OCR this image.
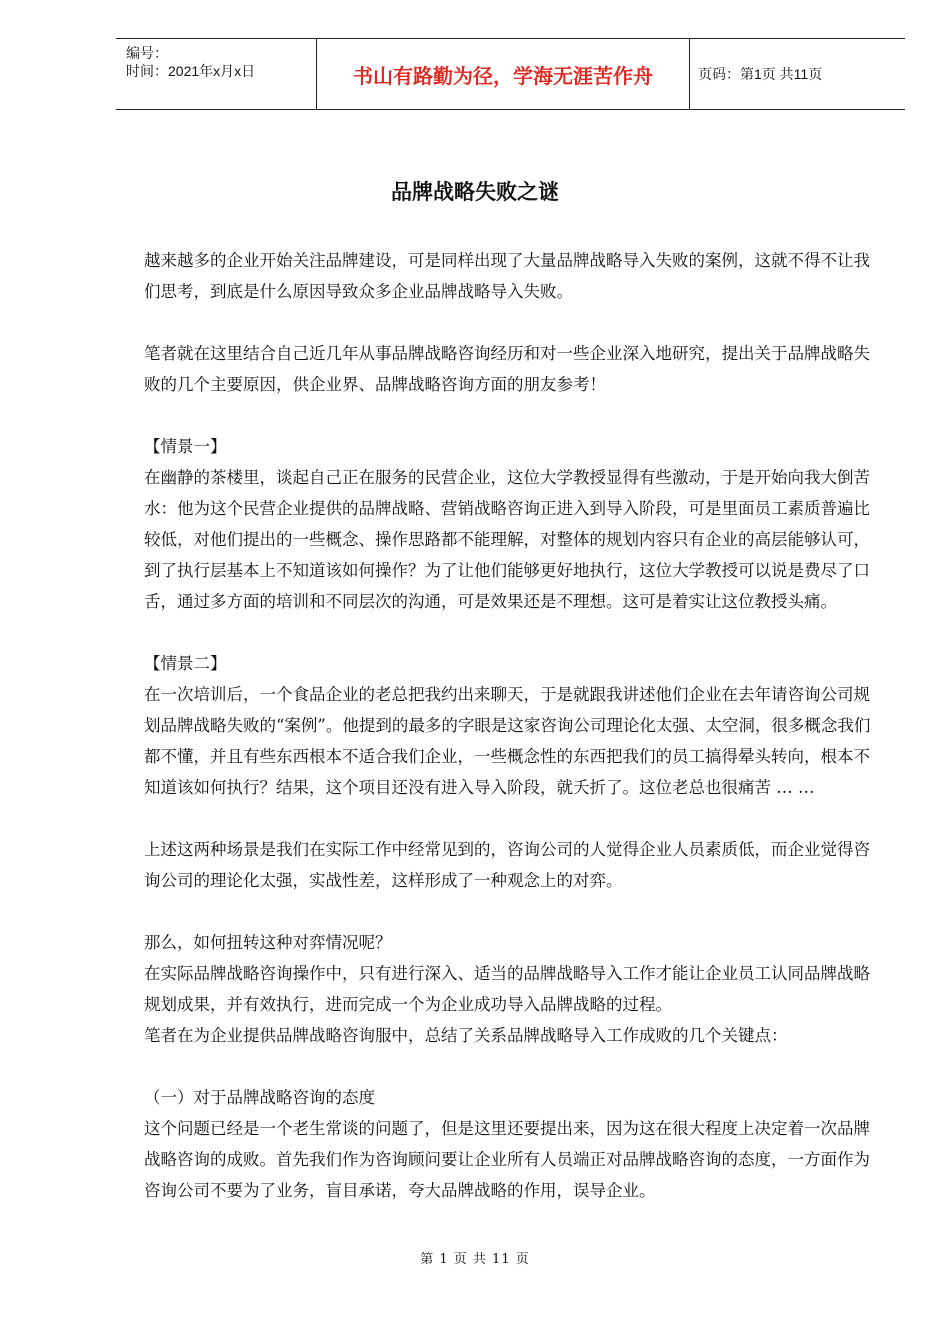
编号：
时间：2021年x月x日	书山有路勤为径，学海无涯苦作舟	页码：第1页 共11页
品牌战略失败之谜

越来越多的企业开始关注品牌建设，可是同样出现了大量品牌战略导入失败的案例，这就不得不让我们思考，到底是什么原因导致众多企业品牌战略导入失败。

笔者就在这里结合自己近几年从事品牌战略咨询经历和对一些企业深入地研究，提出关于品牌战略失败的几个主要原因，供企业界、品牌战略咨询方面的朋友参考！

【情景一】

在幽静的茶楼里，谈起自己正在服务的民营企业，这位大学教授显得有些激动，于是开始向我大倒苦水：他为这个民营企业提供的品牌战略、营销战略咨询正进入到导入阶段，可是里面员工素质普遍比较低，对他们提出的一些概念、操作思路都不能理解，对整体的规划内容只有企业的高层能够认可，到了执行层基本上不知道该如何操作？为了让他们能够更好地执行，这位大学教授可以说是费尽了口舌，通过多方面的培训和不同层次的沟通，可是效果还是不理想。这可是着实让这位教授头痛。

【情景二】

在一次培训后，一个食品企业的老总把我约出来聊天，于是就跟我讲述他们企业在去年请咨询公司规划品牌战略失败的“案例”。他提到的最多的字眼是这家咨询公司理论化太强、太空洞，很多概念我们都不懂，并且有些东西根本不适合我们企业，一些概念性的东西把我们的员工搞得晕头转向，根本不知道该如何执行？结果，这个项目还没有进入导入阶段，就夭折了。这位老总也很痛苦 … …

上述这两种场景是我们在实际工作中经常见到的，咨询公司的人觉得企业人员素质低，而企业觉得咨询公司的理论化太强，实战性差，这样形成了一种观念上的对弈。

那么，如何扭转这种对弈情况呢？

在实际品牌战略咨询操作中，只有进行深入、适当的品牌战略导入工作才能让企业员工认同品牌战略规划成果，并有效执行，进而完成一个为企业成功导入品牌战略的过程。

笔者在为企业提供品牌战略咨询服中，总结了关系品牌战略导入工作成败的几个关键点：

（一）对于品牌战略咨询的态度

这个问题已经是一个老生常谈的问题了，但是这里还要提出来，因为这在很大程度上决定着一次品牌战略咨询的成败。首先我们作为咨询顾问要让企业所有人员端正对品牌战略咨询的态度，一方面作为咨询公司不要为了业务，盲目承诺，夸大品牌战略的作用，误导企业。

第 1 页 共 11 页
